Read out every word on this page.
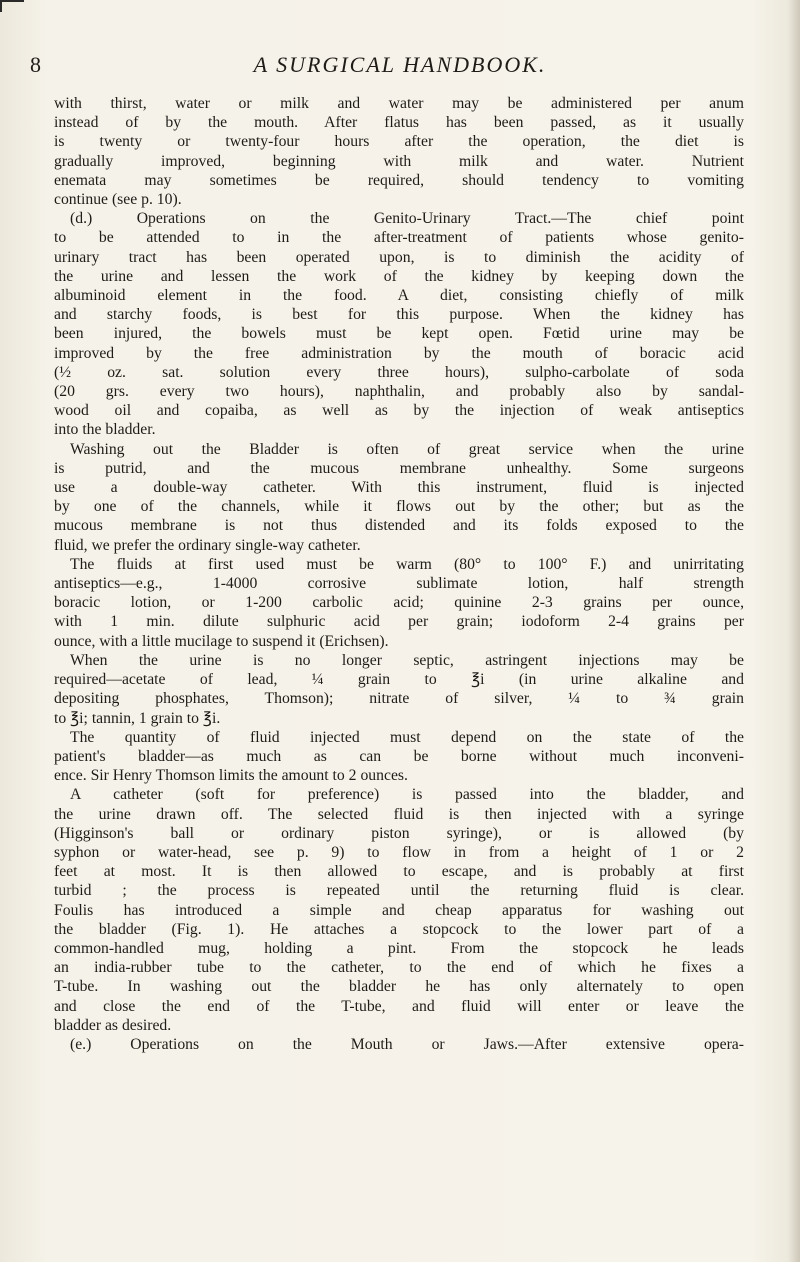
8	A SURGICAL HANDBOOK.
with thirst, water or milk and water may be administered per anum
instead of by the mouth. After flatus has been passed, as it usually
is twenty or twenty-four hours after the operation, the diet is
gradually improved, beginning with milk and water. Nutrient
enemata may sometimes be required, should tendency to vomiting
continue (see p. 10).
(d.) Operations on the Genito-Urinary Tract.—The chief point
to be attended to in the after-treatment of patients whose genito-
urinary tract has been operated upon, is to diminish the acidity of
the urine and lessen the work of the kidney by keeping down the
albuminoid element in the food. A diet, consisting chiefly of milk
and starchy foods, is best for this purpose. When the kidney has
been injured, the bowels must be kept open. Fœtid urine may be
improved by the free administration by the mouth of boracic acid
(½ oz. sat. solution every three hours), sulpho-carbolate of soda
(20 grs. every two hours), naphthalin, and probably also by sandal-
wood oil and copaiba, as well as by the injection of weak antiseptics
into the bladder.
Washing out the Bladder is often of great service when the urine
is putrid, and the mucous membrane unhealthy. Some surgeons
use a double-way catheter. With this instrument, fluid is injected
by one of the channels, while it flows out by the other; but as the
mucous membrane is not thus distended and its folds exposed to the
fluid, we prefer the ordinary single-way catheter.
The fluids at first used must be warm (80° to 100° F.) and unirritating
antiseptics—e.g., 1-4000 corrosive sublimate lotion, half strength
boracic lotion, or 1-200 carbolic acid; quinine 2-3 grains per ounce,
with 1 min. dilute sulphuric acid per grain; iodoform 2-4 grains per
ounce, with a little mucilage to suspend it (Erichsen).
When the urine is no longer septic, astringent injections may be
required—acetate of lead, ¼ grain to ℥i (in urine alkaline and
depositing phosphates, Thomson); nitrate of silver, ¼ to ¾ grain
to ℥i; tannin, 1 grain to ℥i.
The quantity of fluid injected must depend on the state of the
patient's bladder—as much as can be borne without much inconveni-
ence. Sir Henry Thomson limits the amount to 2 ounces.
A catheter (soft for preference) is passed into the bladder, and
the urine drawn off. The selected fluid is then injected with a syringe
(Higginson's ball or ordinary piston syringe), or is allowed (by
syphon or water-head, see p. 9) to flow in from a height of 1 or 2
feet at most. It is then allowed to escape, and is probably at first
turbid ; the process is repeated until the returning fluid is clear.
Foulis has introduced a simple and cheap apparatus for washing out
the bladder (Fig. 1). He attaches a stopcock to the lower part of a
common-handled mug, holding a pint. From the stopcock he leads
an india-rubber tube to the catheter, to the end of which he fixes a
T-tube. In washing out the bladder he has only alternately to open
and close the end of the T-tube, and fluid will enter or leave the
bladder as desired.
(e.) Operations on the Mouth or Jaws.—After extensive opera-
